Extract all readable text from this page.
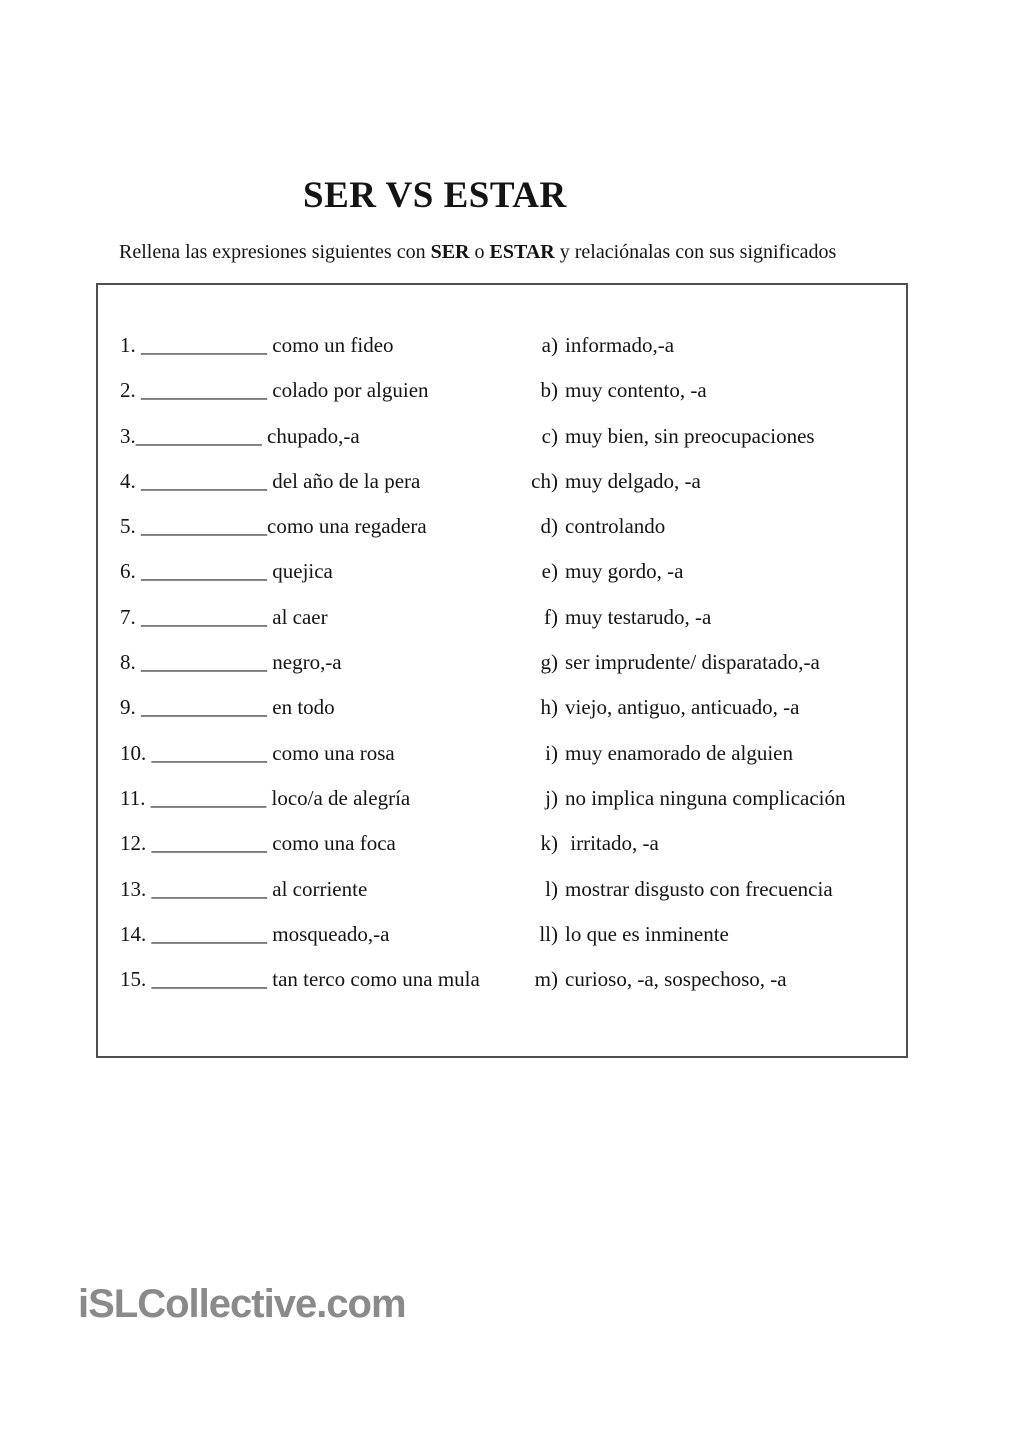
SER VS ESTAR
Rellena las expresiones siguientes con SER o ESTAR y relaciónalas con sus significados
1. ____________ como un fideo	a) informado,-a
2. ____________ colado por alguien	b) muy contento, -a
3.____________ chupado,-a	c) muy bien, sin preocupaciones
4. ____________ del año de la pera	ch) muy delgado, -a
5. ____________como una regadera	d) controlando
6. ____________ quejica	e) muy gordo, -a
7. ____________ al caer	f) muy testarudo, -a
8. ____________ negro,-a	g) ser imprudente/ disparatado,-a
9. ____________ en todo	h) viejo, antiguo, anticuado, -a
10. ___________ como una rosa	i) muy enamorado de alguien
11. ___________ loco/a de alegría	j) no implica ninguna complicación
12. ___________ como una foca	k) irritado, -a
13. ___________ al corriente	l) mostrar disgusto con frecuencia
14. ___________ mosqueado,-a	ll) lo que es inminente
15. ___________ tan terco como una mula	m) curioso, -a, sospechoso, -a
iSLCollective.com
